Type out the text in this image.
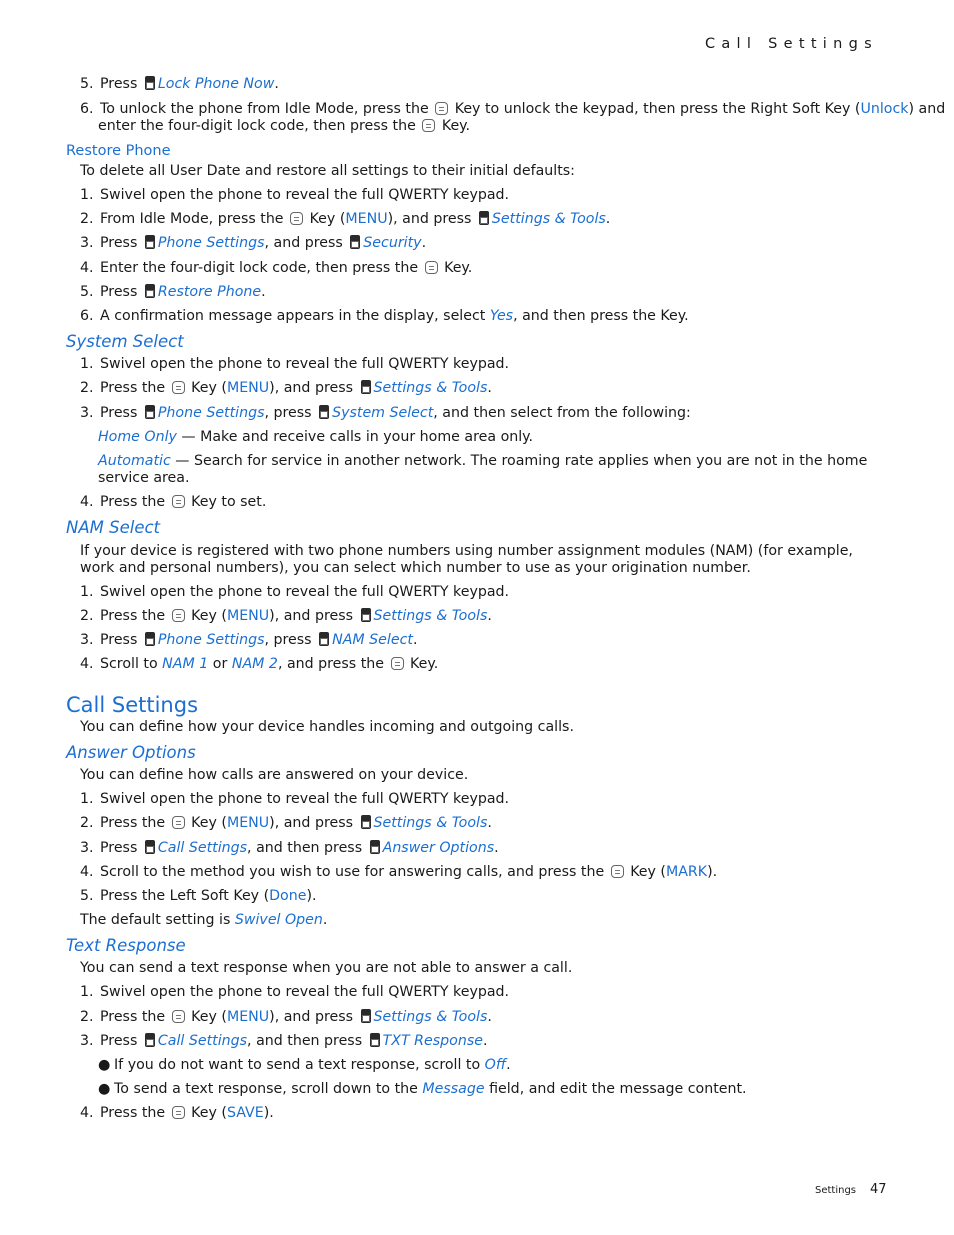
Call Settings
5. Press Lock Phone Now.
6. To unlock the phone from Idle Mode, press the Key to unlock the keypad, then press the Right Soft Key (Unlock) and
enter the four-digit lock code, then press the Key.
Restore Phone
To delete all User Date and restore all settings to their initial defaults:
1. Swivel open the phone to reveal the full QWERTY keypad.
2. From Idle Mode, press the Key (MENU), and press Settings & Tools.
3. Press Phone Settings, and press Security.
4. Enter the four-digit lock code, then press the Key.
5. Press Restore Phone.
6. A confirmation message appears in the display, select Yes, and then press the Key.
System Select
1. Swivel open the phone to reveal the full QWERTY keypad.
2. Press the Key (MENU), and press Settings & Tools.
3. Press Phone Settings, press System Select, and then select from the following:
Home Only — Make and receive calls in your home area only.
Automatic — Search for service in another network. The roaming rate applies when you are not in the home service area.
4. Press the Key to set.
NAM Select
If your device is registered with two phone numbers using number assignment modules (NAM) (for example, work and personal numbers), you can select which number to use as your origination number.
1. Swivel open the phone to reveal the full QWERTY keypad.
2. Press the Key (MENU), and press Settings & Tools.
3. Press Phone Settings, press NAM Select.
4. Scroll to NAM 1 or NAM 2, and press the Key.
Call Settings
You can define how your device handles incoming and outgoing calls.
Answer Options
You can define how calls are answered on your device.
1. Swivel open the phone to reveal the full QWERTY keypad.
2. Press the Key (MENU), and press Settings & Tools.
3. Press Call Settings, and then press Answer Options.
4. Scroll to the method you wish to use for answering calls, and press the Key (MARK).
5. Press the Left Soft Key (Done).
The default setting is Swivel Open.
Text Response
You can send a text response when you are not able to answer a call.
1. Swivel open the phone to reveal the full QWERTY keypad.
2. Press the Key (MENU), and press Settings & Tools.
3. Press Call Settings, and then press TXT Response.
● If you do not want to send a text response, scroll to Off.
● To send a text response, scroll down to the Message field, and edit the message content.
4. Press the Key (SAVE).
Settings 47
